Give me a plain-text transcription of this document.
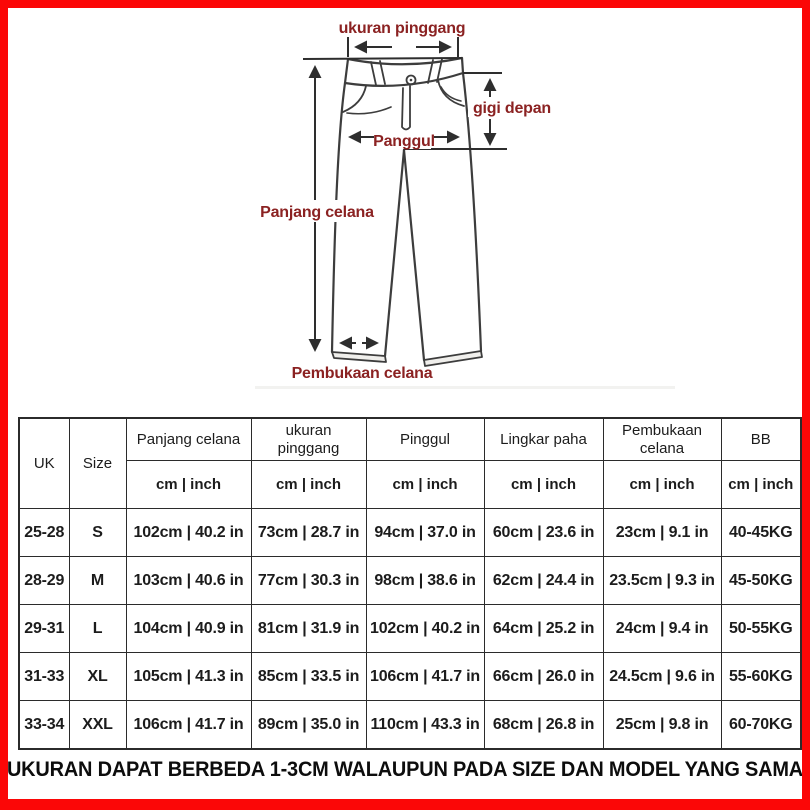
ukuran pinggang
gigi depan
Panggul
Panjang celana
Pembukaan celana
UK	Size	Panjang celana	ukuran pinggang	Pinggul	Lingkar paha	Pembukaan celana	BB
		cm | inch	cm | inch	cm | inch	cm | inch	cm | inch	cm | inch
25-28	S	102cm | 40.2 in	73cm | 28.7 in	94cm | 37.0 in	60cm | 23.6 in	23cm | 9.1 in	40-45KG
28-29	M	103cm | 40.6 in	77cm | 30.3 in	98cm | 38.6 in	62cm | 24.4 in	23.5cm | 9.3 in	45-50KG
29-31	L	104cm | 40.9 in	81cm | 31.9 in	102cm | 40.2 in	64cm | 25.2 in	24cm | 9.4 in	50-55KG
31-33	XL	105cm | 41.3 in	85cm | 33.5 in	106cm | 41.7 in	66cm | 26.0 in	24.5cm | 9.6 in	55-60KG
33-34	XXL	106cm | 41.7 in	89cm | 35.0 in	110cm | 43.3 in	68cm | 26.8 in	25cm | 9.8 in	60-70KG
UKURAN DAPAT BERBEDA 1-3CM WALAUPUN PADA SIZE DAN MODEL YANG SAMA
